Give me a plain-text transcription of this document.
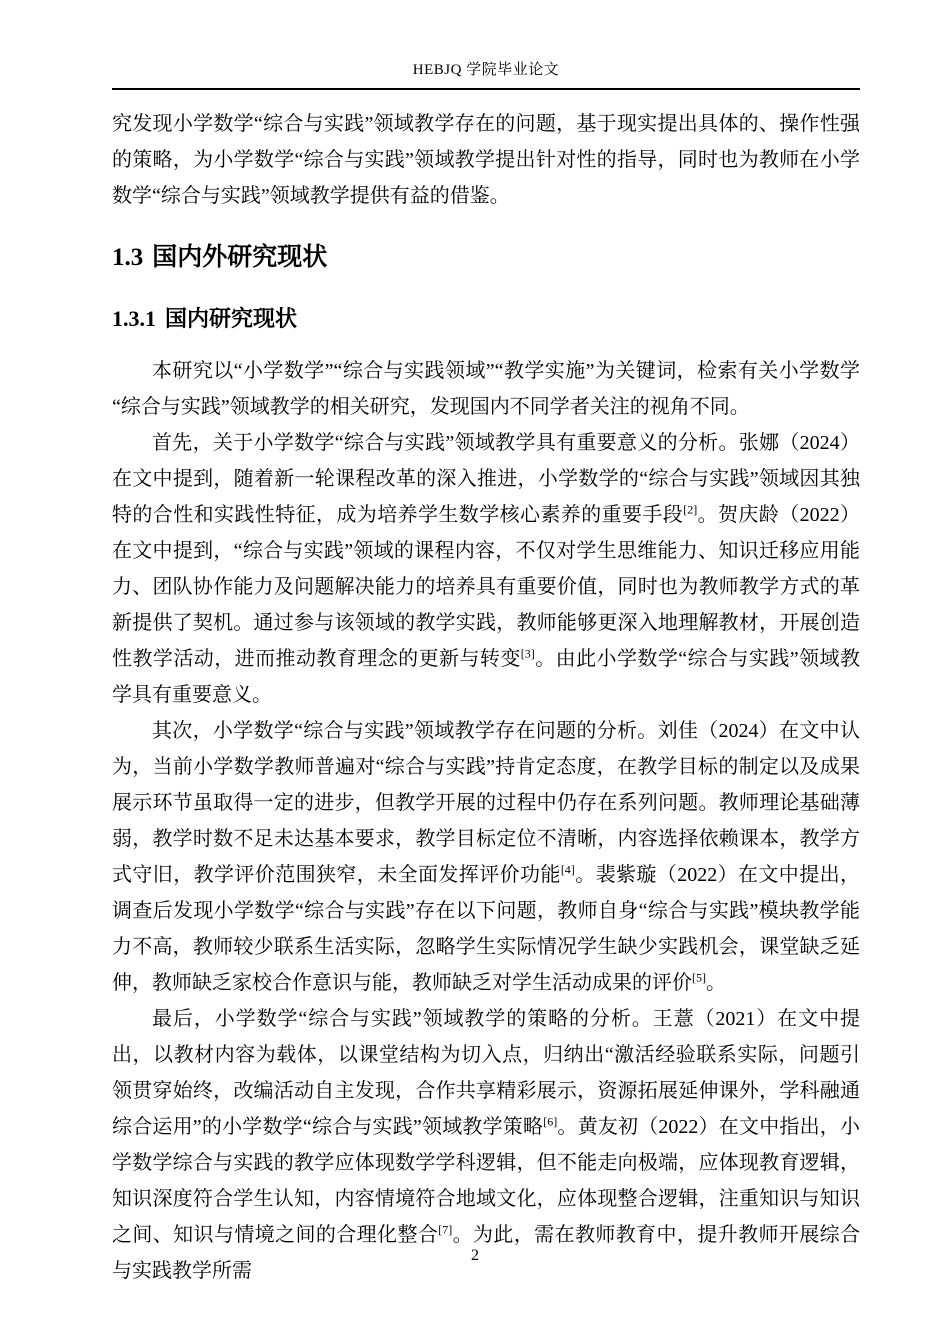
HEBJQ 学院毕业论文

究发现小学数学“综合与实践”领域教学存在的问题，基于现实提出具体的、操作性强的策略，为小学数学“综合与实践”领域教学提出针对性的指导，同时也为教师在小学数学“综合与实践”领域教学提供有益的借鉴。

1.3 国内外研究现状
1.3.1 国内研究现状

本研究以“小学数学”“综合与实践领域”“教学实施”为关键词，检索有关小学数学“综合与实践”领域教学的相关研究，发现国内不同学者关注的视角不同。

首先，关于小学数学“综合与实践”领域教学具有重要意义的分析。张娜（2024）在文中提到，随着新一轮课程改革的深入推进，小学数学的“综合与实践”领域因其独特的合性和实践性特征，成为培养学生数学核心素养的重要手段[2]。贺庆龄（2022）在文中提到，“综合与实践”领域的课程内容，不仅对学生思维能力、知识迁移应用能力、团队协作能力及问题解决能力的培养具有重要价值，同时也为教师教学方式的革新提供了契机。通过参与该领域的教学实践，教师能够更深入地理解教材，开展创造性教学活动，进而推动教育理念的更新与转变[3]。由此小学数学“综合与实践”领域教学具有重要意义。

其次，小学数学“综合与实践”领域教学存在问题的分析。刘佳（2024）在文中认为，当前小学数学教师普遍对“综合与实践”持肯定态度，在教学目标的制定以及成果展示环节虽取得一定的进步，但教学开展的过程中仍存在系列问题。教师理论基础薄弱，教学时数不足未达基本要求，教学目标定位不清晰，内容选择依赖课本，教学方式守旧，教学评价范围狭窄，未全面发挥评价功能[4]。裴紫璇（2022）在文中提出，调查后发现小学数学“综合与实践”存在以下问题，教师自身“综合与实践”模块教学能力不高，教师较少联系生活实际，忽略学生实际情况学生缺少实践机会，课堂缺乏延伸，教师缺乏家校合作意识与能，教师缺乏对学生活动成果的评价[5]。

最后，小学数学“综合与实践”领域教学的策略的分析。王薏（2021）在文中提出，以教材内容为载体，以课堂结构为切入点，归纳出“激活经验联系实际，问题引领贯穿始终，改编活动自主发现，合作共享精彩展示，资源拓展延伸课外，学科融通综合运用”的小学数学“综合与实践”领域教学策略[6]。黄友初（2022）在文中指出，小学数学综合与实践的教学应体现数学学科逻辑，但不能走向极端，应体现教育逻辑，知识深度符合学生认知，内容情境符合地域文化，应体现整合逻辑，注重知识与知识之间、知识与情境之间的合理化整合[7]。为此，需在教师教育中，提升教师开展综合与实践教学所需

2
